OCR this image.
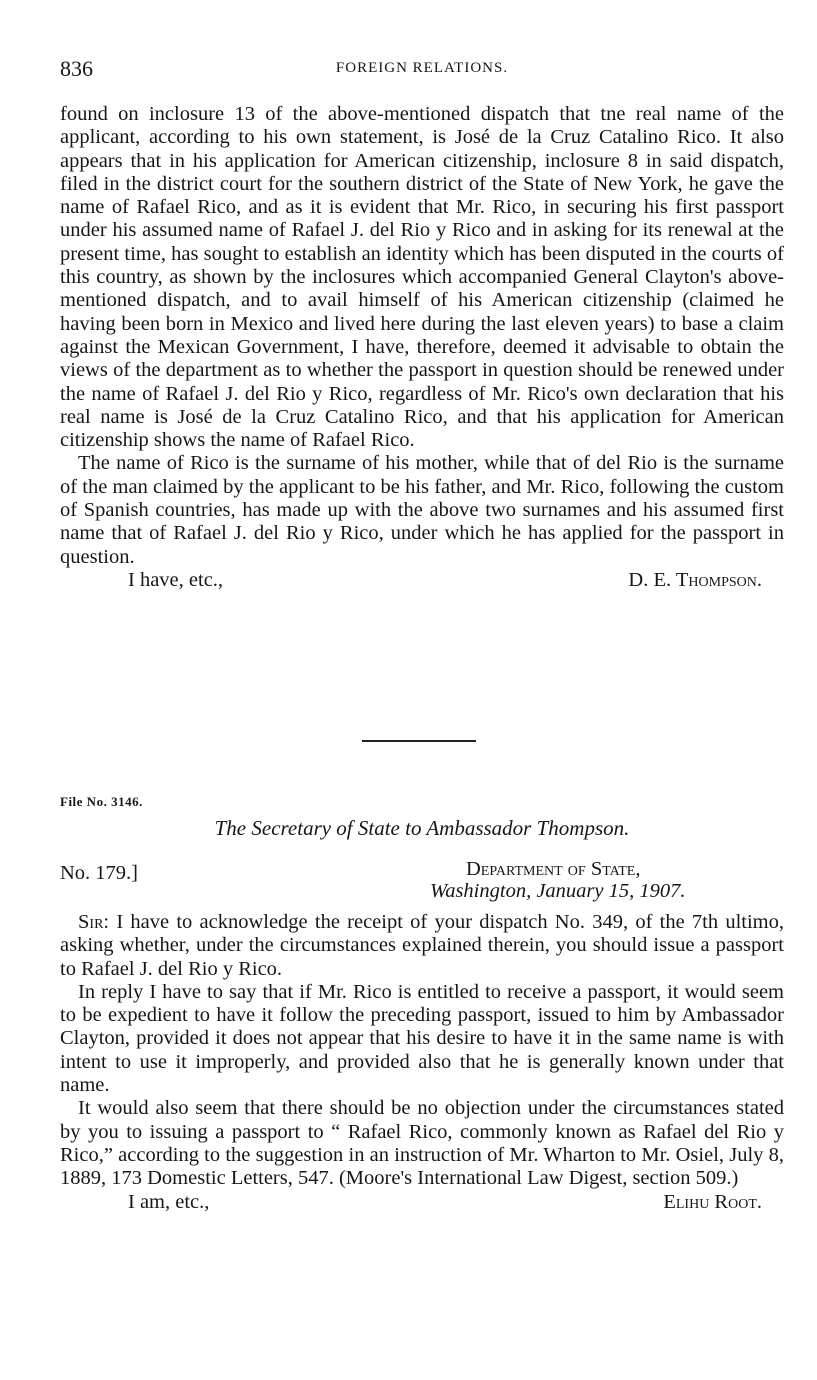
836	FOREIGN RELATIONS.

found on inclosure 13 of the above-mentioned dispatch that tne real name of the applicant, according to his own statement, is José de la Cruz Catalino Rico. It also appears that in his application for American citizenship, inclosure 8 in said dispatch, filed in the district court for the southern district of the State of New York, he gave the name of Rafael Rico, and as it is evident that Mr. Rico, in securing his first passport under his assumed name of Rafael J. del Rio y Rico and in asking for its renewal at the present time, has sought to establish an identity which has been disputed in the courts of this country, as shown by the inclosures which accompanied General Clayton's above-mentioned dispatch, and to avail himself of his American citizenship (claimed he having been born in Mexico and lived here during the last eleven years) to base a claim against the Mexican Government, I have, therefore, deemed it advisable to obtain the views of the department as to whether the passport in question should be renewed under the name of Rafael J. del Rio y Rico, regardless of Mr. Rico's own declaration that his real name is José de la Cruz Catalino Rico, and that his application for American citizenship shows the name of Rafael Rico.

The name of Rico is the surname of his mother, while that of del Rio is the surname of the man claimed by the applicant to be his father, and Mr. Rico, following the custom of Spanish countries, has made up with the above two surnames and his assumed first name that of Rafael J. del Rio y Rico, under which he has applied for the passport in question.

I have, etc.,	D. E. Thompson.
File No. 3146.
The Secretary of State to Ambassador Thompson.
No. 179.]	Department of State,
Washington, January 15, 1907.

Sir: I have to acknowledge the receipt of your dispatch No. 349, of the 7th ultimo, asking whether, under the circumstances explained therein, you should issue a passport to Rafael J. del Rio y Rico.

In reply I have to say that if Mr. Rico is entitled to receive a passport, it would seem to be expedient to have it follow the preceding passport, issued to him by Ambassador Clayton, provided it does not appear that his desire to have it in the same name is with intent to use it improperly, and provided also that he is generally known under that name.

It would also seem that there should be no objection under the circumstances stated by you to issuing a passport to “ Rafael Rico, commonly known as Rafael del Rio y Rico,” according to the suggestion in an instruction of Mr. Wharton to Mr. Osiel, July 8, 1889, 173 Domestic Letters, 547. (Moore's International Law Digest, section 509.)

I am, etc.,	Elihu Root.
